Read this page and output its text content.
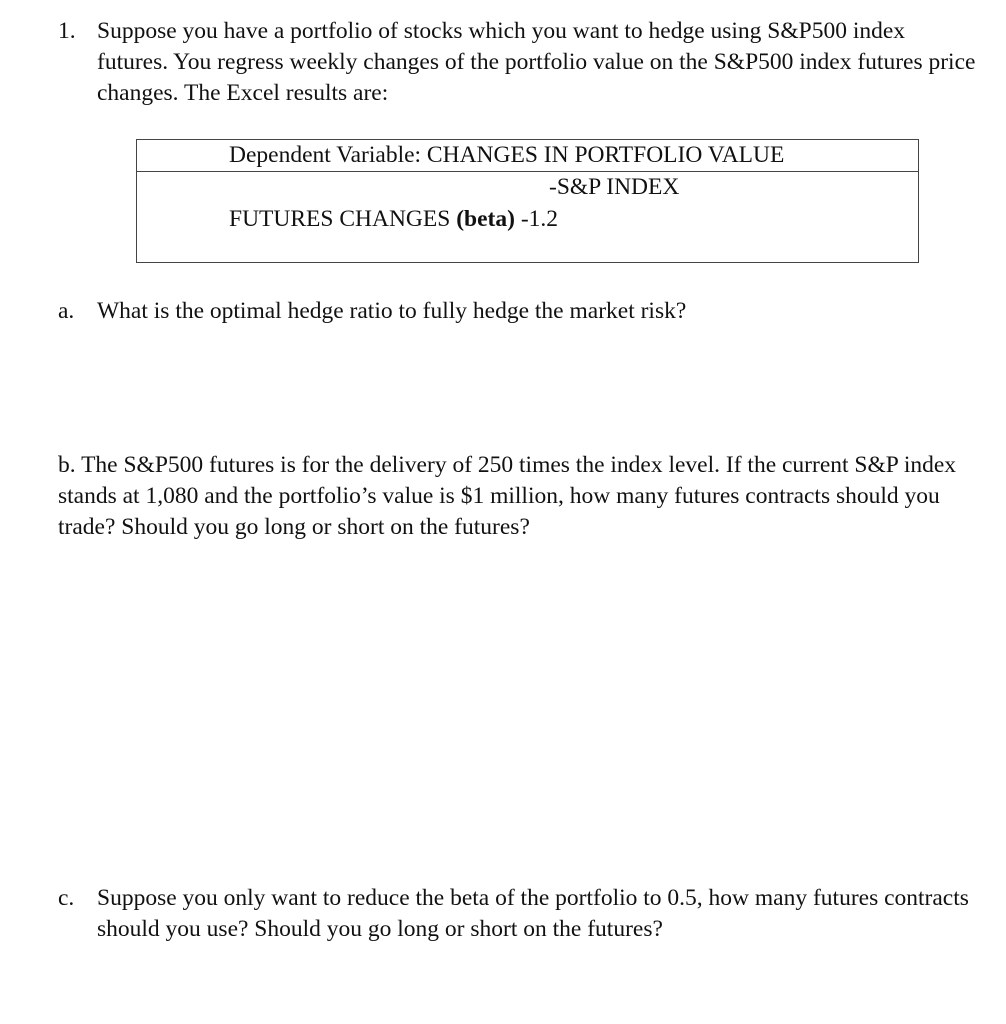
1. Suppose you have a portfolio of stocks which you want to hedge using S&P500 index futures. You regress weekly changes of the portfolio value on the S&P500 index futures price changes. The Excel results are:

Dependent Variable: CHANGES IN PORTFOLIO VALUE
-S&P INDEX
FUTURES CHANGES (beta) -1.2
a. What is the optimal hedge ratio to fully hedge the market risk?

b. The S&P500 futures is for the delivery of 250 times the index level. If the current S&P index stands at 1,080 and the portfolio’s value is $1 million, how many futures contracts should you trade? Should you go long or short on the futures?

c. Suppose you only want to reduce the beta of the portfolio to 0.5, how many futures contracts should you use? Should you go long or short on the futures?
